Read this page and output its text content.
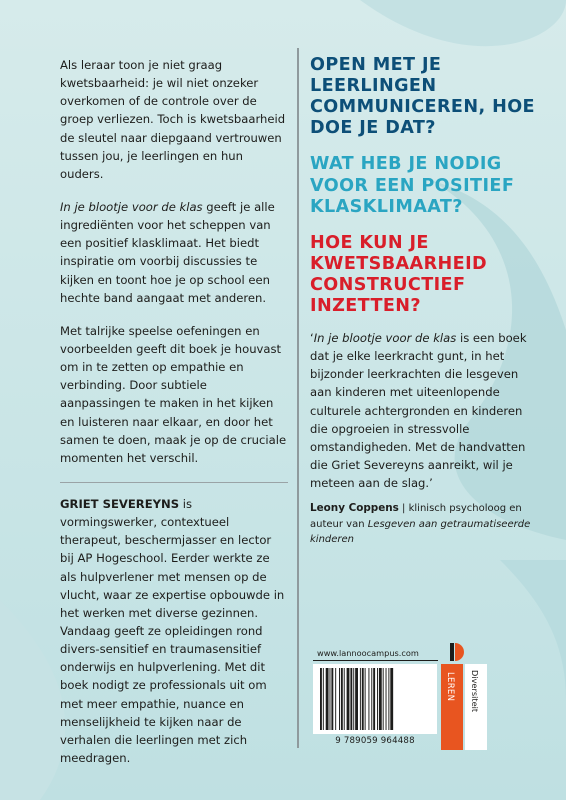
Als leraar toon je niet graag kwetsbaarheid: je wil niet onzeker overkomen of de controle over de groep verliezen. Toch is kwetsbaarheid de sleutel naar diepgaand vertrouwen tussen jou, je leerlingen en hun ouders.

In je blootje voor de klas geeft je alle ingrediënten voor het scheppen van een positief klasklimaat. Het biedt inspiratie om voorbij discussies te kijken en toont hoe je op school een hechte band aangaat met anderen.

Met talrijke speelse oefeningen en voorbeelden geeft dit boek je houvast om in te zetten op empathie en verbinding. Door subtiele aanpassingen te maken in het kijken en luisteren naar elkaar, en door het samen te doen, maak je op de cruciale momenten het verschil.

GRIET SEVEREYNS is vormingswerker, contextueel therapeut, beschermjasser en lector bij AP Hogeschool. Eerder werkte ze als hulpverlener met mensen op de vlucht, waar ze expertise opbouwde in het werken met diverse gezinnen. Vandaag geeft ze opleidingen rond divers-sensitief en traumasensitief onderwijs en hulpverlening. Met dit boek nodigt ze professionals uit om met meer empathie, nuance en menselijkheid te kijken naar de verhalen die leerlingen met zich meedragen.

OPEN MET JE LEERLINGEN COMMUNICEREN, HOE DOE JE DAT?
WAT HEB JE NODIG VOOR EEN POSITIEF KLASKLIMAAT?
HOE KUN JE KWETSBAARHEID CONSTRUCTIEF INZETTEN?
‘In je blootje voor de klas is een boek dat je elke leerkracht gunt, in het bijzonder leerkrachten die lesgeven aan kinderen met uiteenlopende culturele achtergronden en kinderen die opgroeien in stressvolle omstandigheden. Met de handvatten die Griet Severeyns aanreikt, wil je meteen aan de slag.’
Leony Coppens | klinisch psycholoog en auteur van Lesgeven aan getraumatiseerde kinderen
www.lannoocampus.com
9 789059 964488
LEREN Diversiteit
